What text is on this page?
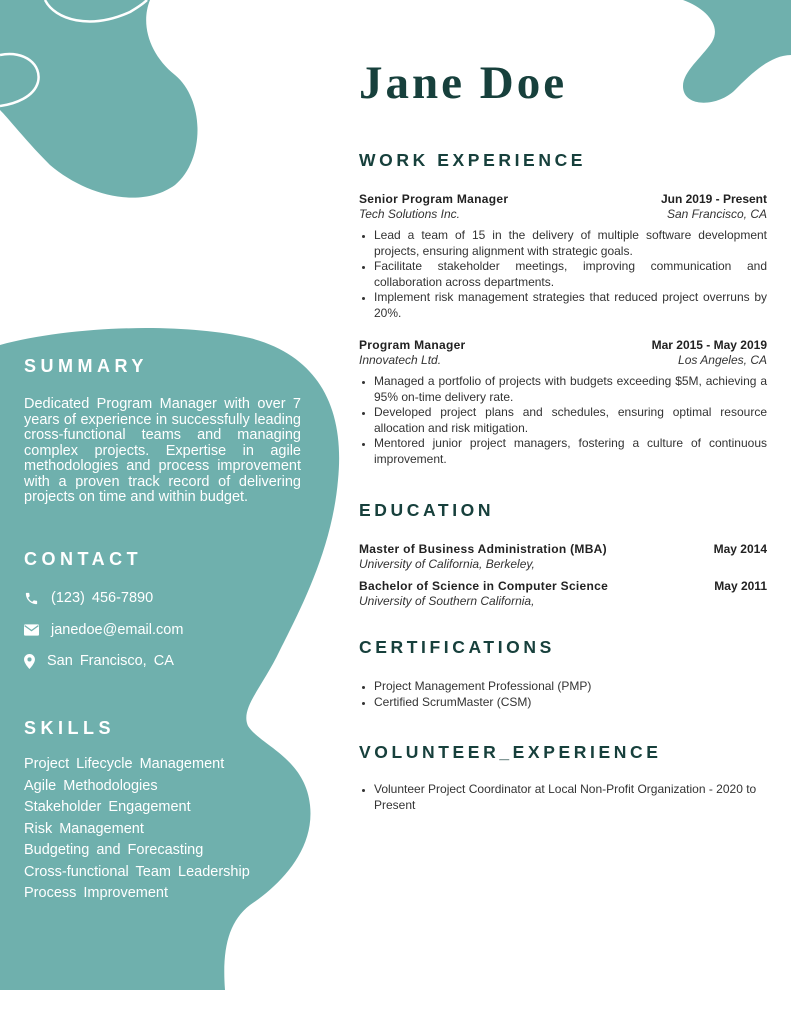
SUMMARY
Dedicated Program Manager with over 7 years of experience in successfully leading cross-functional teams and managing complex projects. Expertise in agile methodologies and process improvement with a proven track record of delivering projects on time and within budget.
CONTACT
(123) 456-7890
janedoe@email.com
San Francisco, CA
SKILLS
Project Lifecycle Management
Agile Methodologies
Stakeholder Engagement
Risk Management
Budgeting and Forecasting
Cross-functional Team Leadership
Process Improvement
Jane Doe
WORK EXPERIENCE
Senior Program Manager	Jun 2019 - Present
Tech Solutions Inc.	San Francisco, CA
• Lead a team of 15 in the delivery of multiple software development projects, ensuring alignment with strategic goals.
• Facilitate stakeholder meetings, improving communication and collaboration across departments.
• Implement risk management strategies that reduced project overruns by 20%.
Program Manager	Mar 2015 - May 2019
Innovatech Ltd.	Los Angeles, CA
• Managed a portfolio of projects with budgets exceeding $5M, achieving a 95% on-time delivery rate.
• Developed project plans and schedules, ensuring optimal resource allocation and risk mitigation.
• Mentored junior project managers, fostering a culture of continuous improvement.
EDUCATION
Master of Business Administration (MBA)	May 2014
University of California, Berkeley,
Bachelor of Science in Computer Science	May 2011
University of Southern California,
CERTIFICATIONS
• Project Management Professional (PMP)
• Certified ScrumMaster (CSM)
VOLUNTEER_EXPERIENCE
• Volunteer Project Coordinator at Local Non-Profit Organization - 2020 to Present
